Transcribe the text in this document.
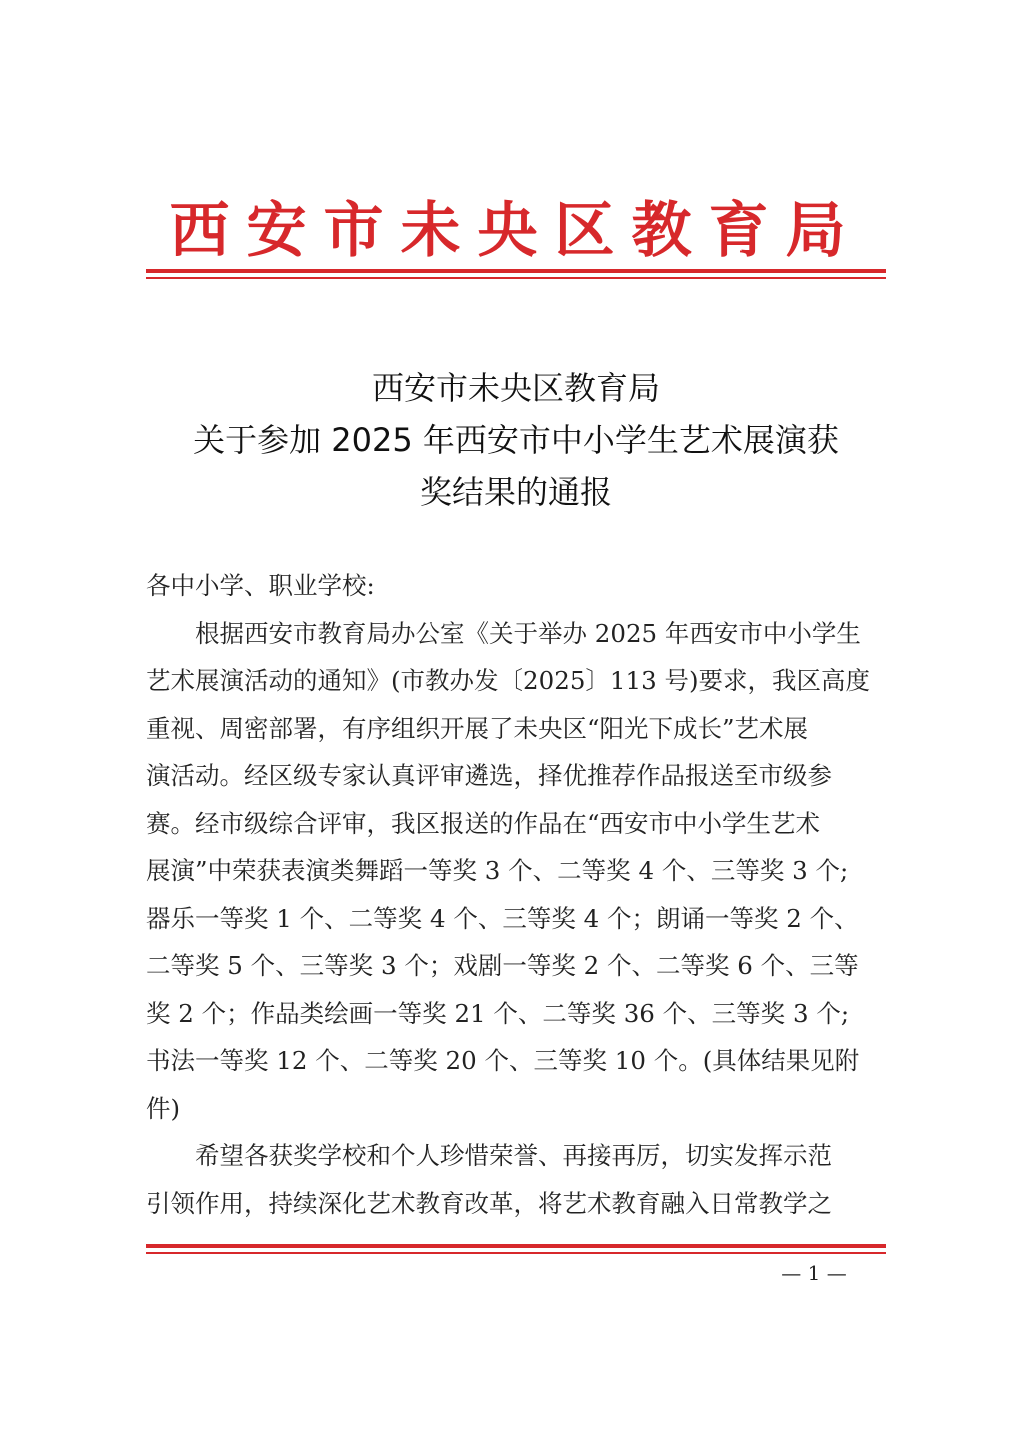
西安市未央区教育局
西安市未央区教育局
关于参加 2025 年西安市中小学生艺术展演获
奖结果的通报
各中小学、职业学校:
　　根据西安市教育局办公室《关于举办 2025 年西安市中小学生
艺术展演活动的通知》(市教办发〔2025〕113 号)要求，我区高度
重视、周密部署，有序组织开展了未央区“阳光下成长”艺术展
演活动。经区级专家认真评审遴选，择优推荐作品报送至市级参
赛。经市级综合评审，我区报送的作品在“西安市中小学生艺术
展演”中荣获表演类舞蹈一等奖 3 个、二等奖 4 个、三等奖 3 个;
器乐一等奖 1 个、二等奖 4 个、三等奖 4 个；朗诵一等奖 2 个、
二等奖 5 个、三等奖 3 个；戏剧一等奖 2 个、二等奖 6 个、三等
奖 2 个；作品类绘画一等奖 21 个、二等奖 36 个、三等奖 3 个;
书法一等奖 12 个、二等奖 20 个、三等奖 10 个。(具体结果见附
件)
　　希望各获奖学校和个人珍惜荣誉、再接再厉，切实发挥示范
引领作用，持续深化艺术教育改革，将艺术教育融入日常教学之
— 1 —
